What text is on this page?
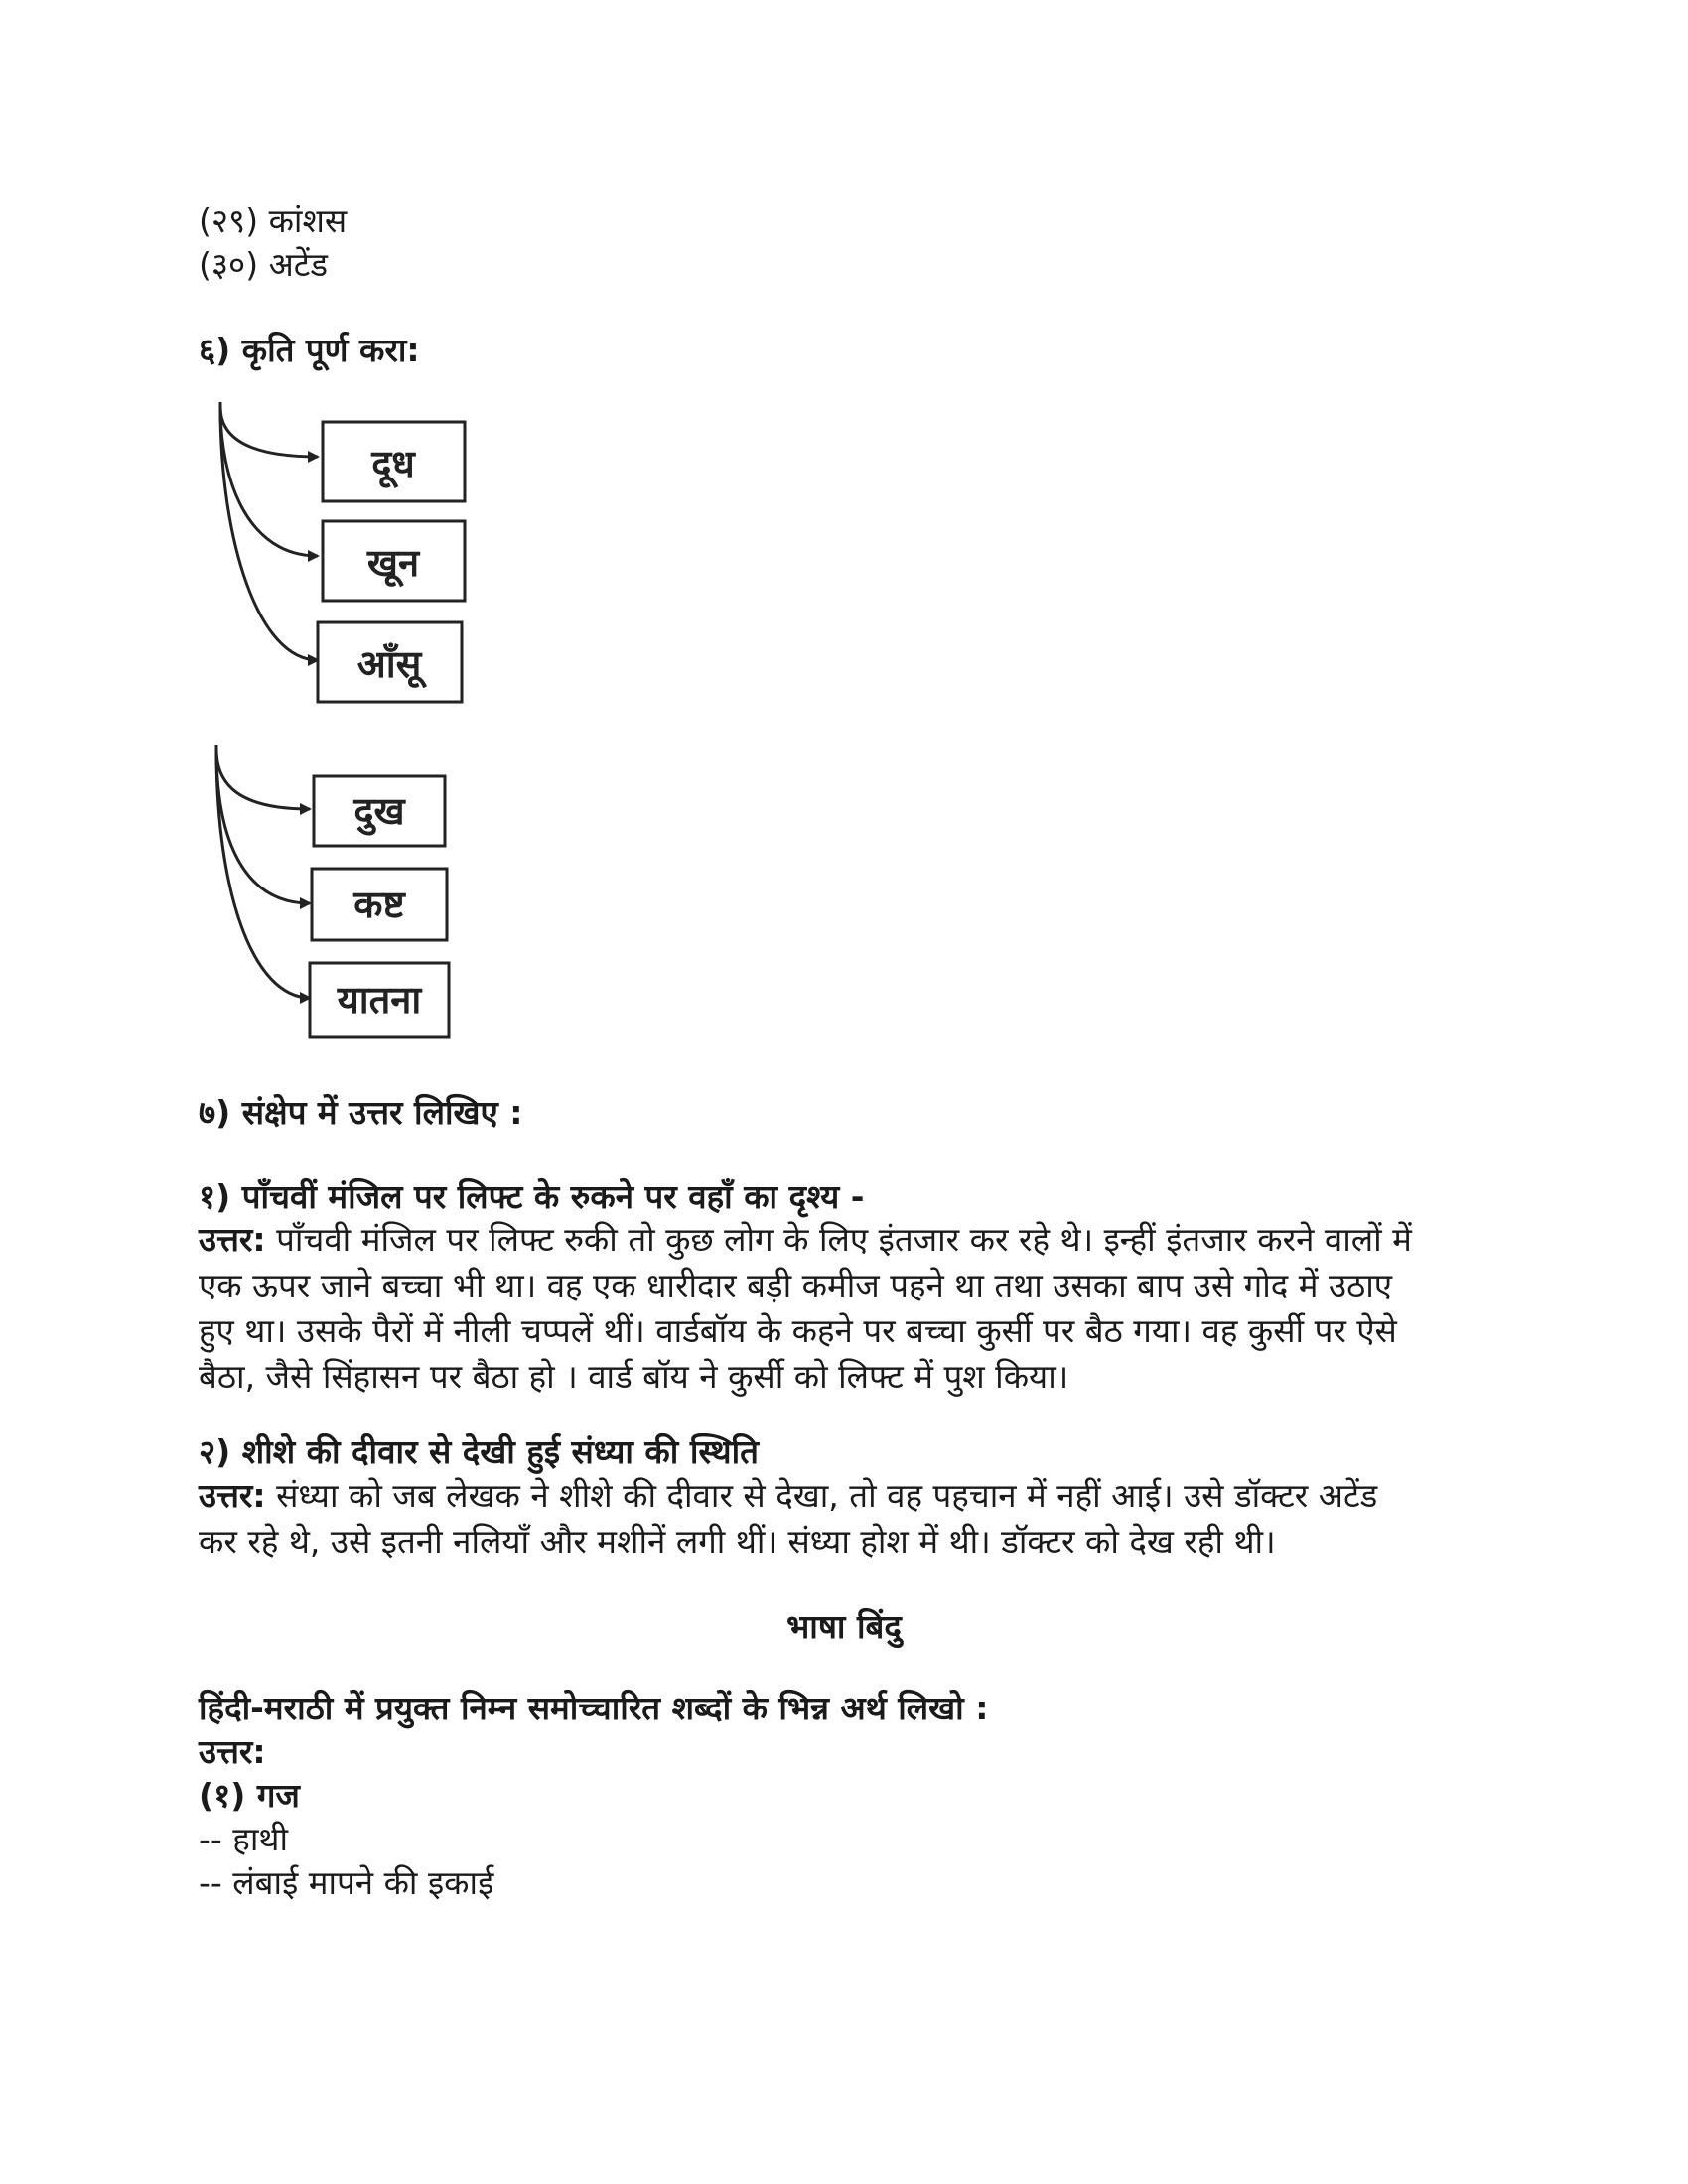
(२९) कांशस
(३०) अटेंड
६) कृति पूर्ण करा:
दूध
खून
आँसू
दुख
कष्ट
यातना
७) संक्षेप में उत्तर लिखिए :
१) पाँचवीं मंजिल पर लिफ्ट के रुकने पर वहाँ का दृश्य -
उत्तर: पाँचवी मंजिल पर लिफ्ट रुकी तो कुछ लोग के लिए इंतजार कर रहे थे। इन्हीं इंतजार करने वालों में
एक ऊपर जाने बच्चा भी था। वह एक धारीदार बड़ी कमीज पहने था तथा उसका बाप उसे गोद में उठाए
हुए था। उसके पैरों में नीली चप्पलें थीं। वार्डबॉय के कहने पर बच्चा कुर्सी पर बैठ गया। वह कुर्सी पर ऐसे
बैठा, जैसे सिंहासन पर बैठा हो । वार्ड बॉय ने कुर्सी को लिफ्ट में पुश किया।
२) शीशे की दीवार से देखी हुई संध्या की स्थिति
उत्तर: संध्या को जब लेखक ने शीशे की दीवार से देखा, तो वह पहचान में नहीं आई। उसे डॉक्टर अटेंड
कर रहे थे, उसे इतनी नलियाँ और मशीनें लगी थीं। संध्या होश में थी। डॉक्टर को देख रही थी।
भाषा बिंदु
हिंदी-मराठी में प्रयुक्त निम्न समोच्चारित शब्दों के भिन्न अर्थ लिखो :
उत्तर:
(१) गज
-- हाथी
-- लंबाई मापने की इकाई
